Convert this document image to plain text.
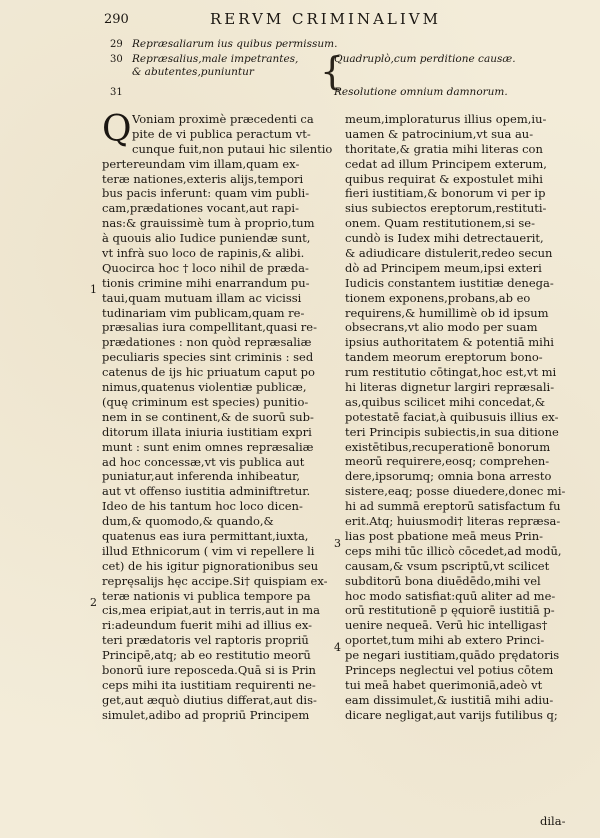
290	RERVM CRIMINALIVM
29 Repræsaliarum ius quibus permissum.
30 Repræsalius,male impetrantes,
& abutentes,puniuntur
31	{
Quadruplò,cum perditione causæ.
Resolutione omnium damnorum.
Q Voniam proximè præcedenti ca
pite de vi publica peractum vt-
cunque fuit,non putaui hic silentio
pertereundam vim illam,quam ex-
teræ nationes,exteris alijs,tempori
bus pacis inferunt: quam vim publi-
cam,prædationes vocant,aut rapi-
nas:& grauissimè tum à proprio,tum
à quouis alio Iudice puniendæ sunt,
vt infrà suo loco de rapinis,& alibi.
Quocirca hoc † loco nihil de præda-
tionis crimine mihi enarrandum pu-
taui,quam mutuam illam ac vicissi
tudinariam vim publicam,quam re-
præsalias iura compellitant,quasi re-
prædationes : non quòd repræsaliæ
peculiaris species sint criminis : sed
catenus de ijs hic priuatum caput po
nimus,quatenus violentiæ publicæ,
(quę criminum est species) punitio-
nem in se continent,& de suorū sub-
ditorum illata iniuria iustitiam expri
munt : sunt enim omnes repræsaliæ
ad hoc concessæ,vt vis publica aut
puniatur,aut inferenda inhibeatur,
aut vt offenso iustitia adminiftretur.
Ideo de his tantum hoc loco dicen-
dum,& quomodo,& quando,&
quatenus eas iura permittant,iuxta,
illud Ethnicorum ( vim vi repellere li
cet) de his igitur pignorationibus seu
repręsalijs hęc accipe.Si† quispiam ex-
teræ nationis vi publica tempore pa
cis,mea eripiat,aut in terris,aut in ma
ri:adeundum fuerit mihi ad illius ex-
teri prædatoris vel raptoris propriū
Principē,atq; ab eo restitutio meorū
bonorū iure reposceda.Quā si is Prin
ceps mihi ita iustitiam requirenti ne-
get,aut æquò diutius differat,aut dis-
simulet,adibo ad propriū Principem
meum,imploraturus illius opem,iu-
uamen & patrocinium,vt sua au-
thoritate,& gratia mihi literas con
cedat ad illum Principem exterum,
quibus requirat & expostulet mihi
fieri iustitiam,& bonorum vi per ip
sius subiectos ereptorum,restituti-
onem. Quam restitutionem,si se-
cundò is Iudex mihi detrectauerit,
& adiudicare distulerit,redeo secun
dò ad Principem meum,ipsi exteri
Iudicis constantem iustitiæ denega-
tionem exponens,probans,ab eo
requirens,& humillimè ob id ipsum
obsecrans,vt alio modo per suam
ipsius authoritatem & potentiā mihi
tandem meorum ereptorum bono-
rum restitutio cōtingat,hoc est,vt mi
hi literas dignetur largiri repræsali-
as,quibus scilicet mihi concedat,&
potestatē faciat,à quibusuis illius ex-
teri Principis subiectis,in sua ditione
existētibus,recuperationē bonorum
meorū requirere,eosq; comprehen-
dere,ipsorumq; omnia bona arresto
sistere,eaq; posse diuedere,donec mi-
hi ad summā ereptorū satisfactum fu
erit.Atq; huiusmodi† literas repræsa-
lias post pbatione meā meus Prin-
ceps mihi tūc illicò cōcedet,ad modū,
causam,& vsum pscriptū,vt scilicet
subditorū bona diuēdēdo,mihi vel
hoc modo satisfiat:quū aliter ad me-
orū restitutionē p ęquiorē iustitiā p-
uenire nequeā. Verū hic intelligas†
oportet,tum mihi ab extero Princi-
pe negari iustitiam,quādo prędatoris
Princeps neglectui vel potius cōtem
tui meā habet querimoniā,adeò vt
eam dissimulet,& iustitiā mihi adiu-
dicare negligat,aut varijs futilibus q;
1
2
3
4
dila-
